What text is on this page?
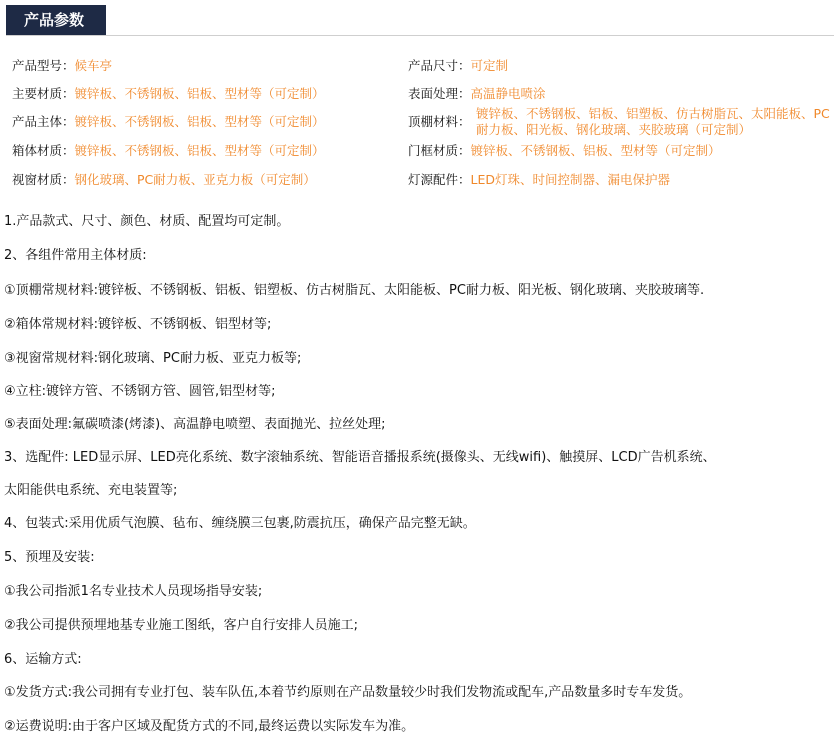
产品参数
产品型号：候车亭
主要材质：镀锌板、不锈钢板、铝板、型材等（可定制）
产品主体：镀锌板、不锈钢板、铝板、型材等（可定制）
箱体材质：镀锌板、不锈钢板、铝板、型材等（可定制）
视窗材质：钢化玻璃、PC耐力板、亚克力板（可定制）
产品尺寸：可定制
表面处理：高温静电喷涂
顶棚材料：
镀锌板、不锈钢板、铝板、铝塑板、仿古树脂瓦、太阳能板、PC耐力板、阳光板、钢化玻璃、夹胶玻璃（可定制）
门框材质：镀锌板、不锈钢板、铝板、型材等（可定制）
灯源配件：LED灯珠、时间控制器、漏电保护器
1.产品款式、尺寸、颜色、材质、配置均可定制。
2、各组件常用主体材质:
①顶棚常规材料:镀锌板、不锈钢板、铝板、铝塑板、仿古树脂瓦、太阳能板、PC耐力板、阳光板、钢化玻璃、夹胶玻璃等.
②箱体常规材料:镀锌板、不锈钢板、铝型材等;
③视窗常规材料:钢化玻璃、PC耐力板、亚克力板等;
④立柱:镀锌方管、不锈钢方管、圆管,铝型材等;
⑤表面处理:氟碳喷漆(烤漆)、高温静电喷塑、表面抛光、拉丝处理;
3、选配件: LED显示屏、LED亮化系统、数字滚轴系统、智能语音播报系统(摄像头、无线wifi)、触摸屏、LCD广告机系统、
太阳能供电系统、充电装置等;
4、包装式:采用优质气泡膜、毡布、缠绕膜三包裹,防震抗压，确保产品完整无缺。
5、预埋及安装:
①我公司指派1名专业技术人员现场指导安装;
②我公司提供预埋地基专业施工图纸，客户自行安排人员施工;
6、运输方式:
①发货方式:我公司拥有专业打包、装车队伍,本着节约原则在产品数量较少时我们发物流或配车,产品数量多时专车发货。
②运费说明:由于客户区域及配货方式的不同,最终运费以实际发车为准。
